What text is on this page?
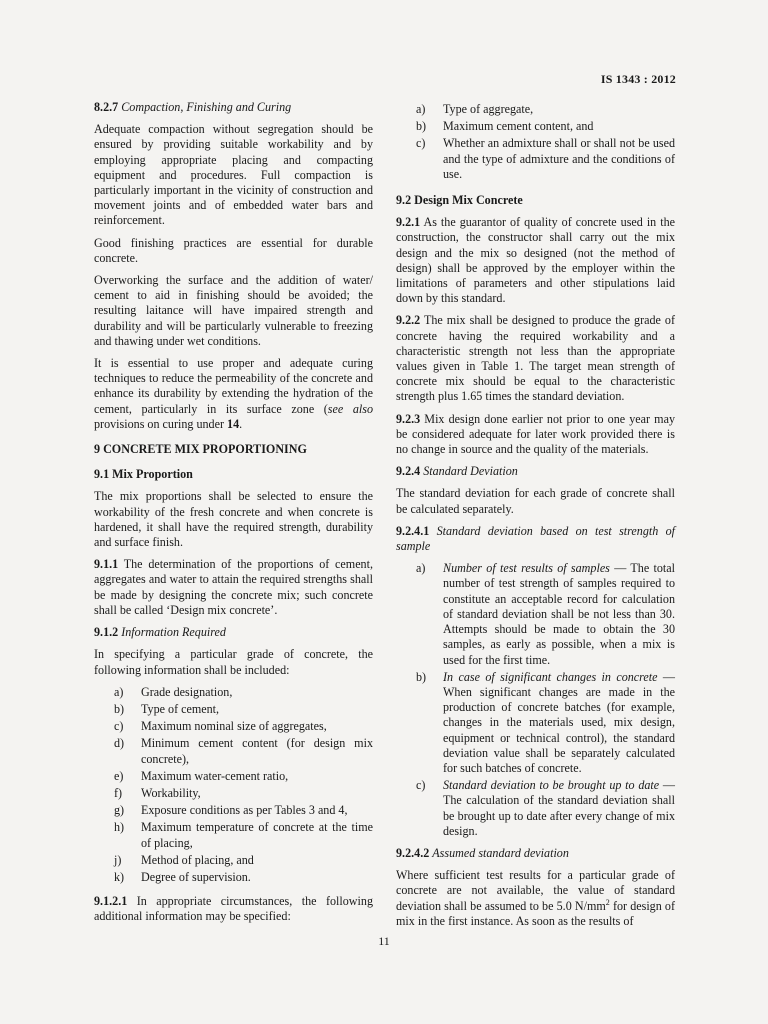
IS 1343 : 2012

8.2.7 Compaction, Finishing and Curing

Adequate compaction without segregation should be ensured by providing suitable workability and by employing appropriate placing and compacting equipment and procedures. Full compaction is particularly important in the vicinity of construction and movement joints and of embedded water bars and reinforcement.

Good finishing practices are essential for durable concrete.

Overworking the surface and the addition of water/ cement to aid in finishing should be avoided; the resulting laitance will have impaired strength and durability and will be particularly vulnerable to freezing and thawing under wet conditions.

It is essential to use proper and adequate curing techniques to reduce the permeability of the concrete and enhance its durability by extending the hydration of the cement, particularly in its surface zone (see also provisions on curing under 14.

9 CONCRETE MIX PROPORTIONING

9.1 Mix Proportion

The mix proportions shall be selected to ensure the workability of the fresh concrete and when concrete is hardened, it shall have the required strength, durability and surface finish.

9.1.1 The determination of the proportions of cement, aggregates and water to attain the required strengths shall be made by designing the concrete mix; such concrete shall be called ‘Design mix concrete’.

9.1.2 Information Required

In specifying a particular grade of concrete, the following information shall be included:

a)	Grade designation,
b)	Type of cement,
c)	Maximum nominal size of aggregates,
d)	Minimum cement content (for design mix concrete),
e)	Maximum water-cement ratio,
f)	Workability,
g)	Exposure conditions as per Tables 3 and 4,
h)	Maximum temperature of concrete at the time of placing,
j)	Method of placing, and
k)	Degree of supervision.

9.1.2.1 In appropriate circumstances, the following additional information may be specified:

a)	Type of aggregate,
b)	Maximum cement content, and
c)	Whether an admixture shall or shall not be used and the type of admixture and the conditions of use.

9.2 Design Mix Concrete

9.2.1 As the guarantor of quality of concrete used in the construction, the constructor shall carry out the mix design and the mix so designed (not the method of design) shall be approved by the employer within the limitations of parameters and other stipulations laid down by this standard.

9.2.2 The mix shall be designed to produce the grade of concrete having the required workability and a characteristic strength not less than the appropriate values given in Table 1. The target mean strength of concrete mix should be equal to the characteristic strength plus 1.65 times the standard deviation.

9.2.3 Mix design done earlier not prior to one year may be considered adequate for later work provided there is no change in source and the quality of the materials.

9.2.4 Standard Deviation

The standard deviation for each grade of concrete shall be calculated separately.

9.2.4.1 Standard deviation based on test strength of sample

a)	Number of test results of samples — The total number of test strength of samples required to constitute an acceptable record for calculation of standard deviation shall be not less than 30. Attempts should be made to obtain the 30 samples, as early as possible, when a mix is used for the first time.
b)	In case of significant changes in concrete — When significant changes are made in the production of concrete batches (for example, changes in the materials used, mix design, equipment or technical control), the standard deviation value shall be separately calculated for such batches of concrete.
c)	Standard deviation to be brought up to date — The calculation of the standard deviation shall be brought up to date after every change of mix design.

9.2.4.2 Assumed standard deviation

Where sufficient test results for a particular grade of concrete are not available, the value of standard deviation shall be assumed to be 5.0 $N/mm^2$ for design of mix in the first instance. As soon as the results of

11
